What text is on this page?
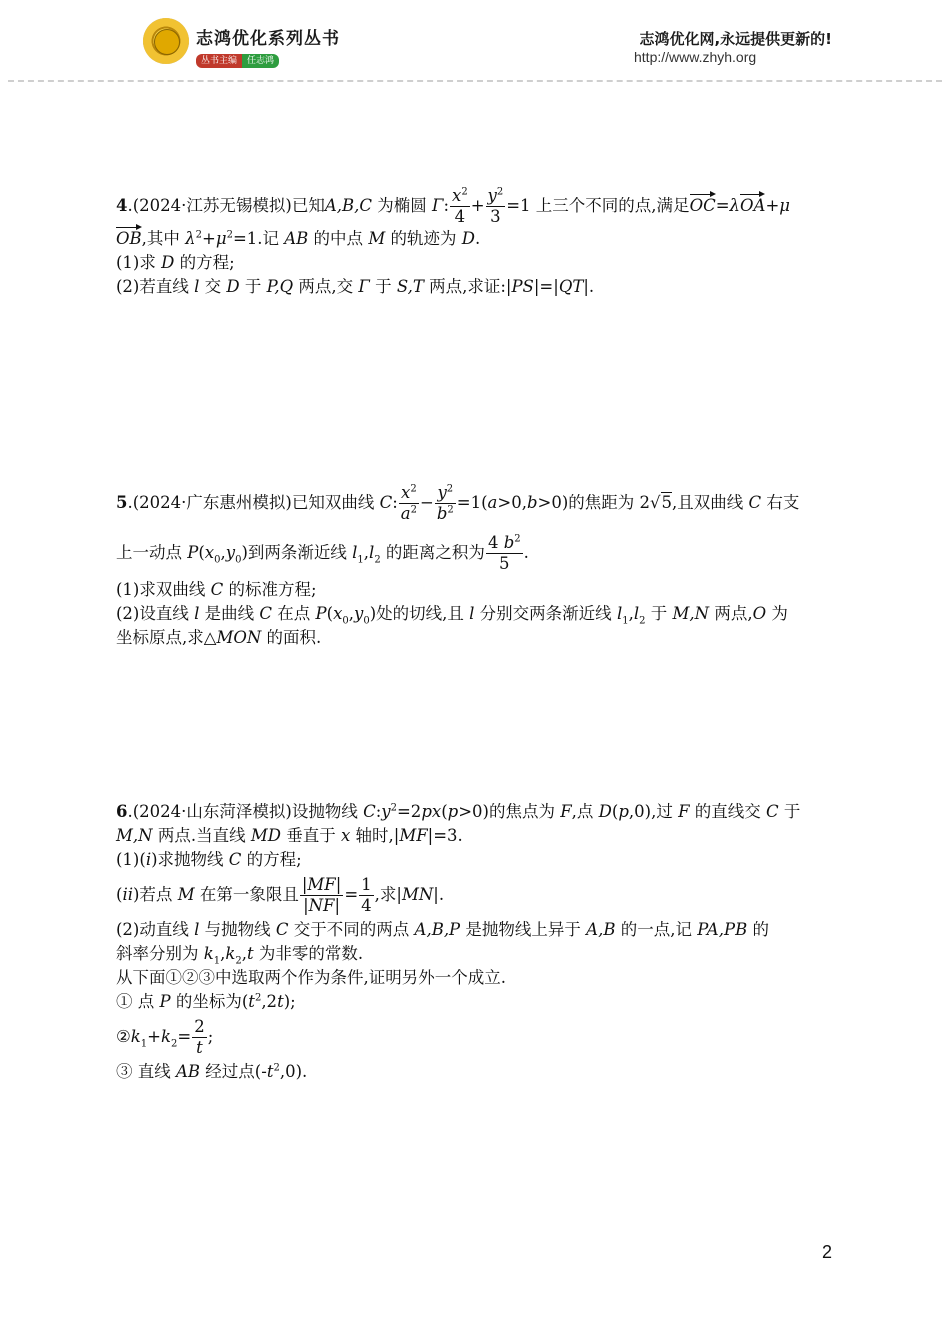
志鸿优化系列丛书
丛书主编 任志鸿
志鸿优化网,永远提供更新的!
http://www.zhyh.org
4.(2024·江苏无锡模拟)已知A,B,C 为椭圆 Γ: $\frac{x^2}{4} + \frac{y^2}{3} =1$ 上三个不同的点,满足OC=λOA+μ
OB,其中 $\lambda^2+\mu^2=1$.记 AB 的中点 M 的轨迹为 D.
(1)求 D 的方程;
(2)若直线 l 交 D 于 P,Q 两点,交 Γ 于 S,T 两点,求证:|PS|=|QT|.
5.(2024·广东惠州模拟)已知双曲线 C: $\frac{x^2}{a^2} - \frac{y^2}{b^2} =1(a>0,b>0)$的焦距为 2√5,且双曲线 C 右支
上一动点 $P(x_0,y_0)$到两条渐近线 $l_1,l_2$ 的距离之积为 $\frac{4 b^2}{5}$ .
(1)求双曲线 C 的标准方程;
(2)设直线 l 是曲线 C 在点 $P(x_0,y_0)$处的切线,且 l 分别交两条渐近线 $l_1,l_2$ 于 M,N 两点,O 为
坐标原点,求△MON 的面积.
6.(2024·山东菏泽模拟)设抛物线 $C:y^2=2px(p>0)$的焦点为 F,点 D(p,0),过 F 的直线交 C 于
M,N 两点.当直线 MD 垂直于 x 轴时,|MF|=3.
(1)(i)求抛物线 C 的方程;
(ii)若点 M 在第一象限且 $\frac{|MF|}{|NF|} = \frac{1}{4}$ ,求|MN|.
(2)动直线 l 与抛物线 C 交于不同的两点 A,B,P 是抛物线上异于 A,B 的一点,记 PA,PB 的
斜率分别为 $k_1,k_2,t$ 为非零的常数.
从下面①②③中选取两个作为条件,证明另外一个成立.
① 点 P 的坐标为$(t^2,2t)$;
$②k_1+k_2= \frac{2}{t}$ ;
③ 直线 AB 经过点$(-t^2,0)$.
2
